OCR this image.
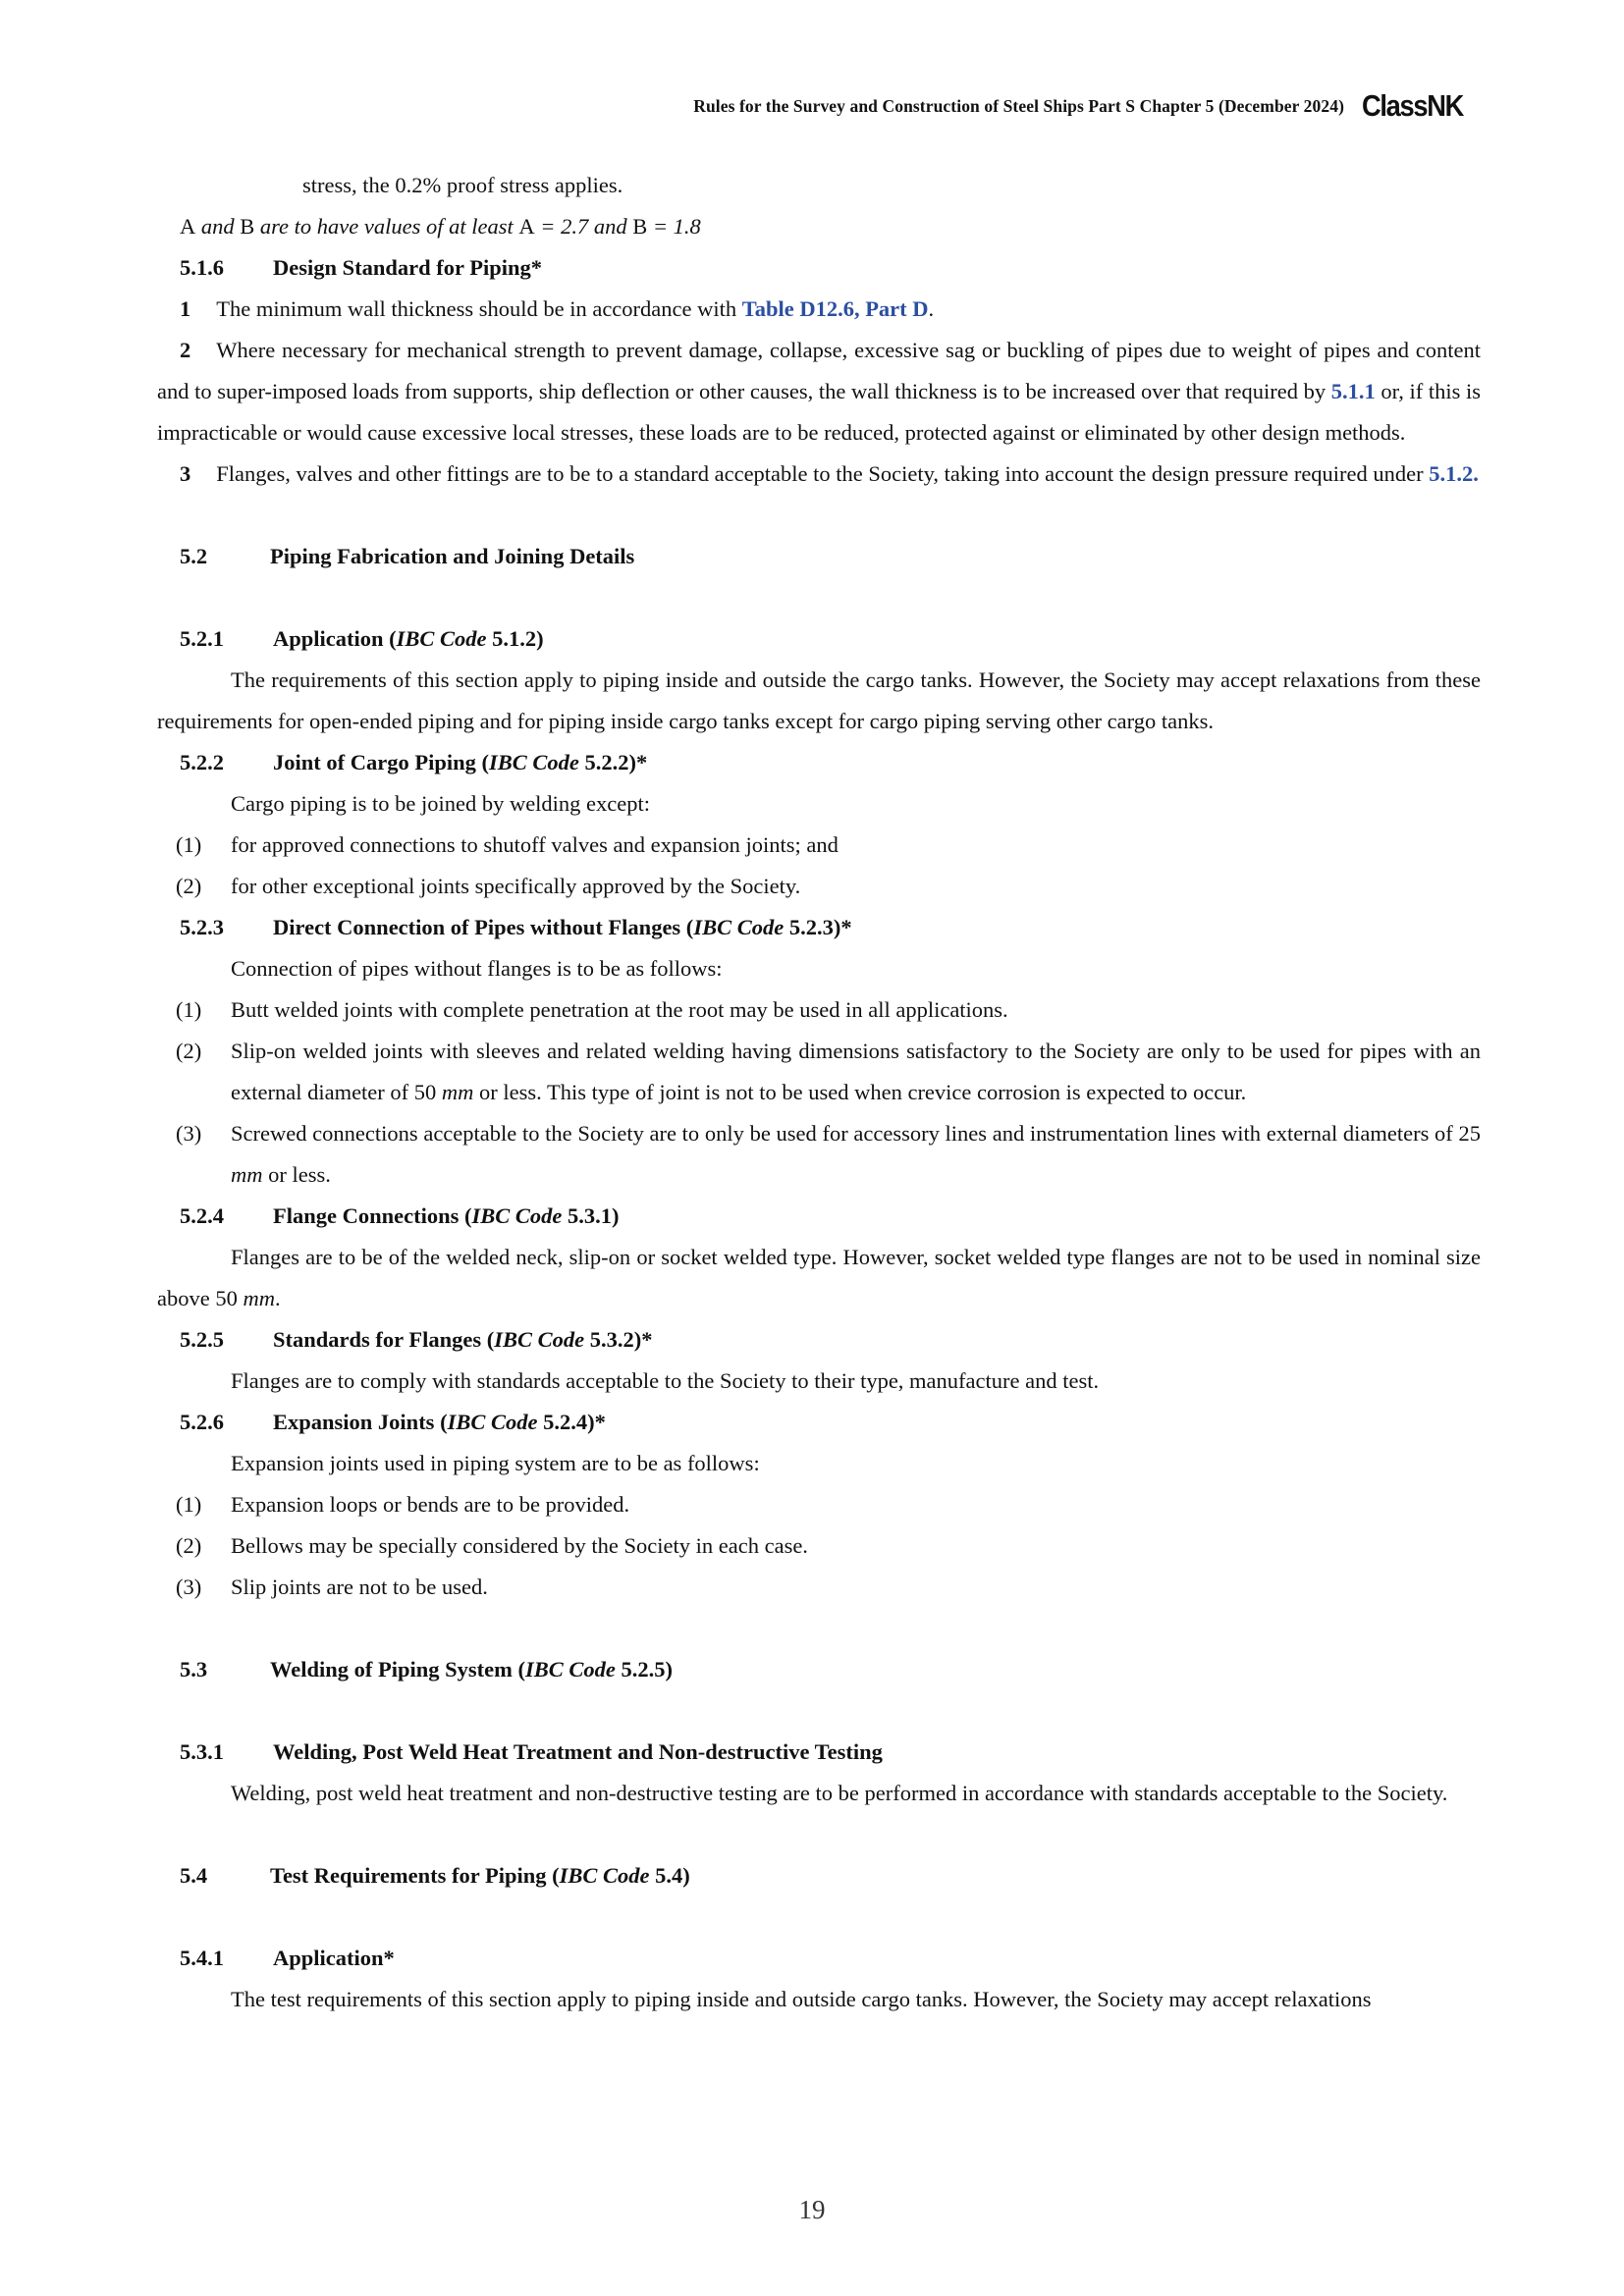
Rules for the Survey and Construction of Steel Ships Part S Chapter 5 (December 2024) ClassNK

stress, the 0.2% proof stress applies.

A and B are to have values of at least A = 2.7 and B = 1.8

5.1.6	Design Standard for Piping*

1 The minimum wall thickness should be in accordance with Table D12.6, Part D.

2 Where necessary for mechanical strength to prevent damage, collapse, excessive sag or buckling of pipes due to weight of pipes and content and to super-imposed loads from supports, ship deflection or other causes, the wall thickness is to be increased over that required by 5.1.1 or, if this is impracticable or would cause excessive local stresses, these loads are to be reduced, protected against or eliminated by other design methods.

3 Flanges, valves and other fittings are to be to a standard acceptable to the Society, taking into account the design pressure required under 5.1.2.

5.2	Piping Fabrication and Joining Details
5.2.1	Application (IBC Code 5.1.2)

The requirements of this section apply to piping inside and outside the cargo tanks. However, the Society may accept relaxations from these requirements for open-ended piping and for piping inside cargo tanks except for cargo piping serving other cargo tanks.

5.2.2	Joint of Cargo Piping (IBC Code 5.2.2)*

Cargo piping is to be joined by welding except:

(1)	for approved connections to shutoff valves and expansion joints; and
(2)	for other exceptional joints specifically approved by the Society.
5.2.3	Direct Connection of Pipes without Flanges (IBC Code 5.2.3)*

Connection of pipes without flanges is to be as follows:

(1)	Butt welded joints with complete penetration at the root may be used in all applications.
(2)	Slip-on welded joints with sleeves and related welding having dimensions satisfactory to the Society are only to be used for pipes with an external diameter of 50 mm or less. This type of joint is not to be used when crevice corrosion is expected to occur.
(3)	Screwed connections acceptable to the Society are to only be used for accessory lines and instrumentation lines with external diameters of 25 mm or less.
5.2.4	Flange Connections (IBC Code 5.3.1)

Flanges are to be of the welded neck, slip-on or socket welded type. However, socket welded type flanges are not to be used in nominal size above 50 mm.

5.2.5	Standards for Flanges (IBC Code 5.3.2)*

Flanges are to comply with standards acceptable to the Society to their type, manufacture and test.

5.2.6	Expansion Joints (IBC Code 5.2.4)*

Expansion joints used in piping system are to be as follows:

(1)	Expansion loops or bends are to be provided.
(2)	Bellows may be specially considered by the Society in each case.
(3)	Slip joints are not to be used.
5.3	Welding of Piping System (IBC Code 5.2.5)
5.3.1	Welding, Post Weld Heat Treatment and Non-destructive Testing

Welding, post weld heat treatment and non-destructive testing are to be performed in accordance with standards acceptable to the Society.

5.4	Test Requirements for Piping (IBC Code 5.4)
5.4.1	Application*

The test requirements of this section apply to piping inside and outside cargo tanks. However, the Society may accept relaxations

19
